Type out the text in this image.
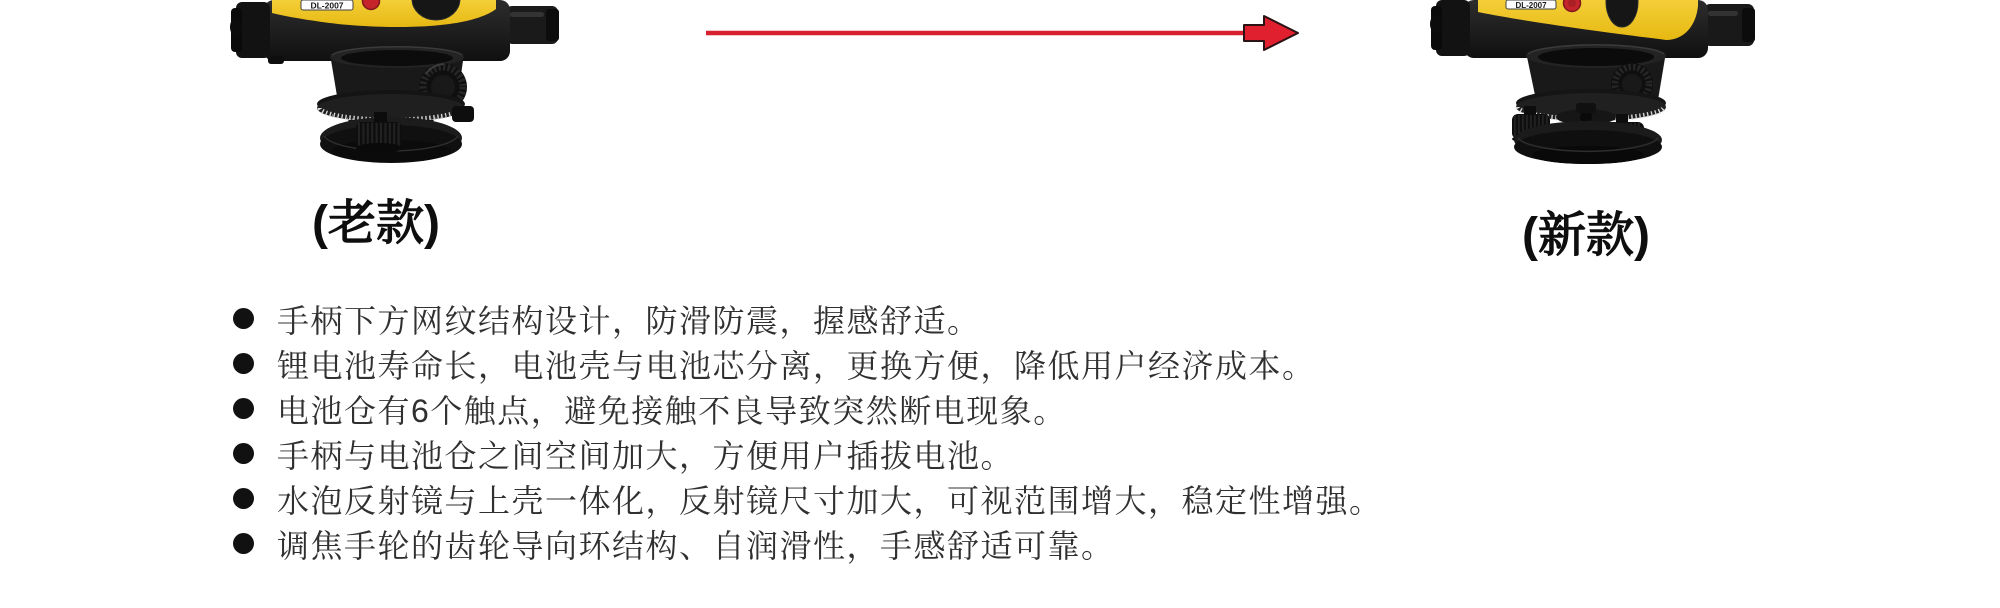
DL-2007	DL-2007
(老款)	(新款)
手柄下方网纹结构设计，防滑防震，握感舒适。
锂电池寿命长，电池壳与电池芯分离，更换方便，降低用户经济成本。
电池仓有6个触点，避免接触不良导致突然断电现象。
手柄与电池仓之间空间加大，方便用户插拔电池。
水泡反射镜与上壳一体化，反射镜尺寸加大，可视范围增大，稳定性增强。
调焦手轮的齿轮导向环结构、自润滑性，手感舒适可靠。
